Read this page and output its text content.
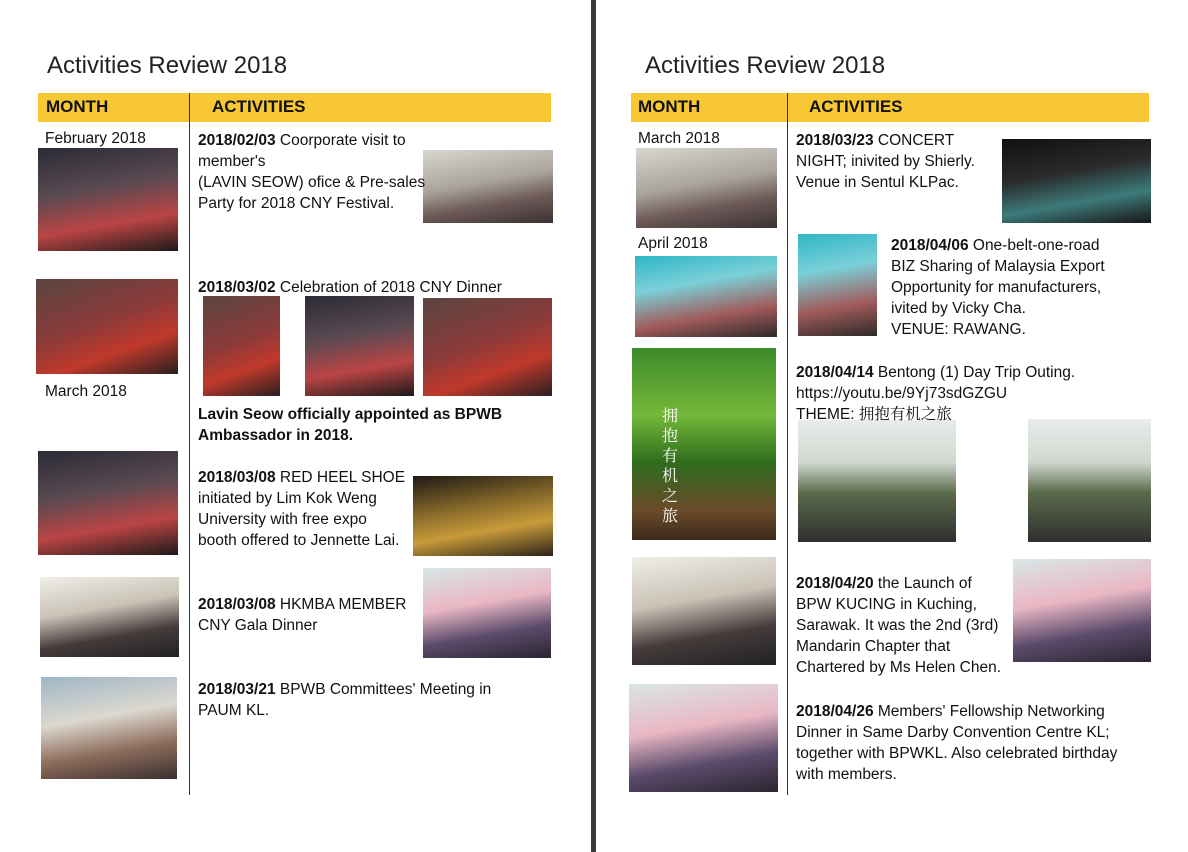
Activities Review 2018
MONTH	ACTIVITIES
February 2018
March 2018
2018/02/03 Coorporate visit to member's
(LAVIN SEOW) ofice & Pre-sales
Party for 2018 CNY Festival.
2018/03/02 Celebration of 2018 CNY Dinner
Lavin Seow officially appointed as BPWB
Ambassador in 2018.
2018/03/08 RED HEEL SHOE
initiated by Lim Kok Weng
University with free expo
booth offered to Jennette Lai.
2018/03/08 HKMBA MEMBER
CNY Gala Dinner
2018/03/21 BPWB Committees' Meeting in
PAUM KL.
Activities Review 2018
MONTH	ACTIVITIES
March 2018
April 2018
拥抱有机之旅
2018/03/23 CONCERT
NIGHT; inivited by Shierly.
Venue in Sentul KLPac.
2018/04/06 One-belt-one-road
BIZ Sharing of Malaysia Export
Opportunity for manufacturers,
ivited by Vicky Cha.
VENUE: RAWANG.
2018/04/14 Bentong (1) Day Trip Outing.
https://youtu.be/9Yj73sdGZGU
THEME: 拥抱有机之旅
2018/04/20 the Launch of
BPW KUCING in Kuching,
Sarawak. It was the 2nd (3rd)
Mandarin Chapter that
Chartered by Ms Helen Chen.
2018/04/26 Members' Fellowship Networking
Dinner in Same Darby Convention Centre KL;
together with BPWKL. Also celebrated birthday
with members.
